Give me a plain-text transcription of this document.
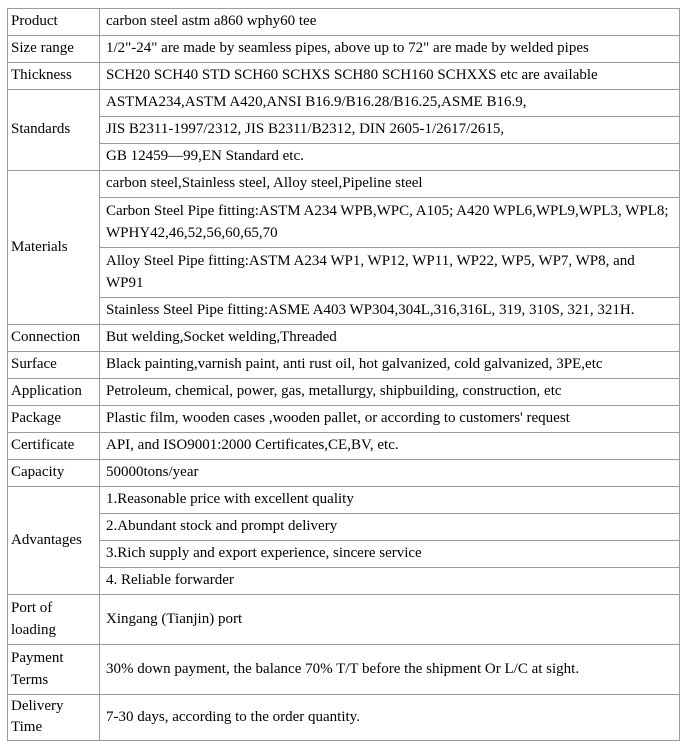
Product	carbon steel astm a860 wphy60 tee
Size range	1/2"-24" are made by seamless pipes, above up to 72" are made by welded pipes
Thickness	SCH20 SCH40 STD SCH60 SCHXS SCH80 SCH160 SCHXXS etc are available
Standards	ASTMA234,ASTM A420,ANSI B16.9/B16.28/B16.25,ASME B16.9,
	JIS B2311-1997/2312, JIS B2311/B2312, DIN 2605-1/2617/2615,
	GB 12459—99,EN Standard etc.
Materials	carbon steel,Stainless steel, Alloy steel,Pipeline steel
	Carbon Steel Pipe fitting:ASTM A234 WPB,WPC, A105; A420 WPL6,WPL9,WPL3, WPL8; WPHY42,46,52,56,60,65,70
	Alloy Steel Pipe fitting:ASTM A234 WP1, WP12, WP11, WP22, WP5, WP7, WP8, and WP91
	Stainless Steel Pipe fitting:ASME A403 WP304,304L,316,316L, 319, 310S, 321, 321H.
Connection	But welding,Socket welding,Threaded
Surface	Black painting,varnish paint, anti rust oil, hot galvanized, cold galvanized, 3PE,etc
Application	Petroleum, chemical, power, gas, metallurgy, shipbuilding, construction, etc
Package	Plastic film, wooden cases ,wooden pallet, or according to customers' request
Certificate	API, and ISO9001:2000 Certificates,CE,BV, etc.
Capacity	50000tons/year
Advantages	1.Reasonable price with excellent quality
	2.Abundant stock and prompt delivery
	3.Rich supply and export experience, sincere service
	4. Reliable forwarder
Port of loading	Xingang (Tianjin) port
Payment Terms	30% down payment, the balance 70% T/T before the shipment Or L/C at sight.
Delivery Time	7-30 days, according to the order quantity.
